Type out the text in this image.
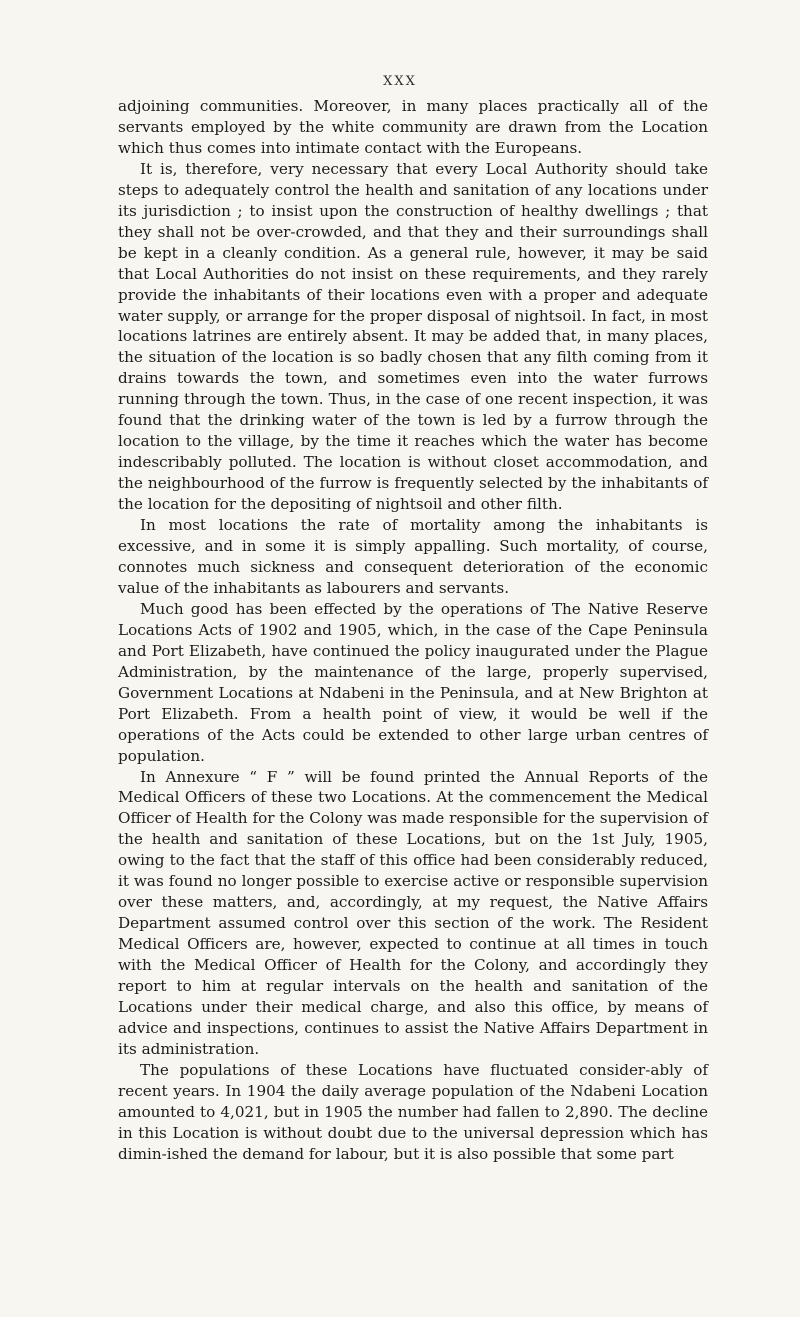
XXX

adjoining communities. Moreover, in many places practically all of the servants employed by the white community are drawn from the Location which thus comes into intimate contact with the Europeans.

It is, therefore, very necessary that every Local Authority should take steps to adequately control the health and sanitation of any locations under its jurisdiction ; to insist upon the construction of healthy dwellings ; that they shall not be over-crowded, and that they and their surroundings shall be kept in a cleanly condition. As a general rule, however, it may be said that Local Authorities do not insist on these requirements, and they rarely provide the inhabitants of their locations even with a proper and adequate water supply, or arrange for the proper disposal of nightsoil. In fact, in most locations latrines are entirely absent. It may be added that, in many places, the situation of the location is so badly chosen that any filth coming from it drains towards the town, and sometimes even into the water furrows running through the town. Thus, in the case of one recent inspection, it was found that the drinking water of the town is led by a furrow through the location to the village, by the time it reaches which the water has become indescribably polluted. The location is without closet accommodation, and the neighbourhood of the furrow is frequently selected by the inhabitants of the location for the depositing of nightsoil and other filth.

In most locations the rate of mortality among the inhabitants is excessive, and in some it is simply appalling. Such mortality, of course, connotes much sickness and consequent deterioration of the economic value of the inhabitants as labourers and servants.

Much good has been effected by the operations of The Native Reserve Locations Acts of 1902 and 1905, which, in the case of the Cape Peninsula and Port Elizabeth, have continued the policy inaugurated under the Plague Administration, by the maintenance of the large, properly supervised, Government Locations at Ndabeni in the Peninsula, and at New Brighton at Port Elizabeth. From a health point of view, it would be well if the operations of the Acts could be extended to other large urban centres of population.

In Annexure “ F ” will be found printed the Annual Reports of the Medical Officers of these two Locations. At the commencement the Medical Officer of Health for the Colony was made responsible for the supervision of the health and sanitation of these Locations, but on the 1st July, 1905, owing to the fact that the staff of this office had been considerably reduced, it was found no longer possible to exercise active or responsible supervision over these matters, and, accordingly, at my request, the Native Affairs Department assumed control over this section of the work. The Resident Medical Officers are, however, expected to continue at all times in touch with the Medical Officer of Health for the Colony, and accordingly they report to him at regular intervals on the health and sanitation of the Locations under their medical charge, and also this office, by means of advice and inspections, continues to assist the Native Affairs Department in its administration.

The populations of these Locations have fluctuated consider-ably of recent years. In 1904 the daily average population of the Ndabeni Location amounted to 4,021, but in 1905 the number had fallen to 2,890. The decline in this Location is without doubt due to the universal depression which has dimin-ished the demand for labour, but it is also possible that some part
